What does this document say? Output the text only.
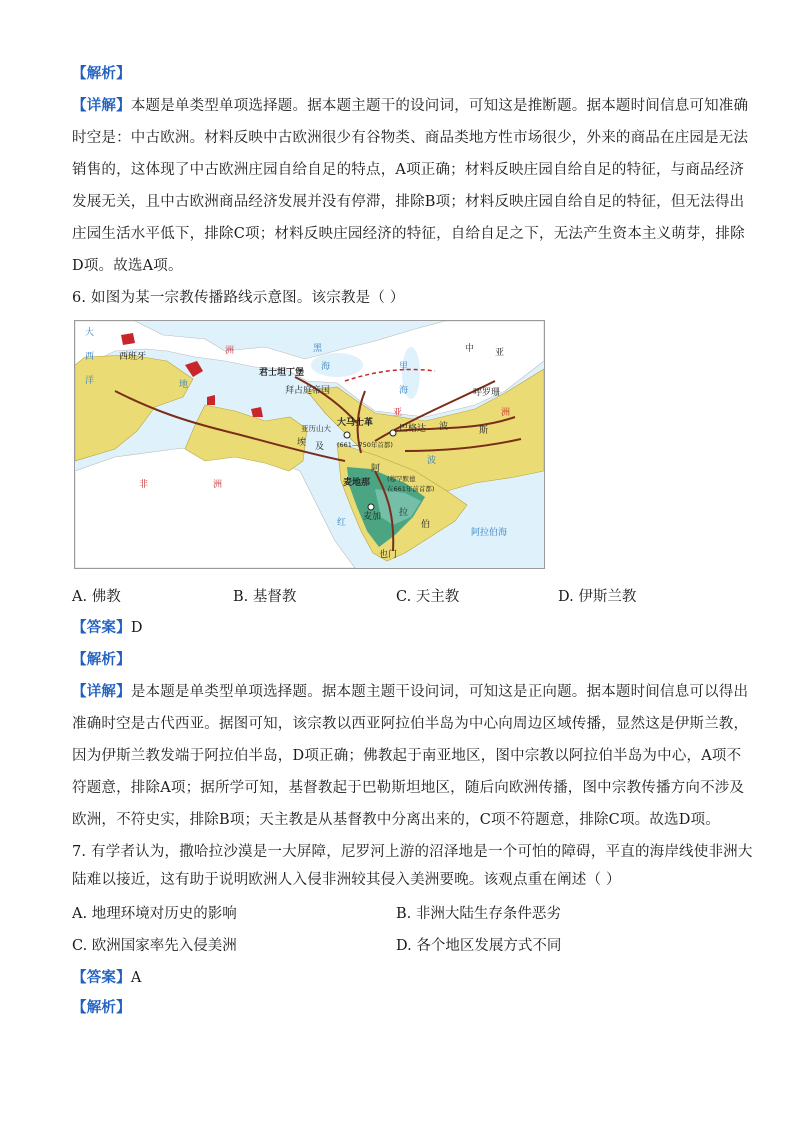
【解析】
【详解】本题是单类型单项选择题。据本题主题干的设问词，可知这是推断题。据本题时间信息可知准确
时空是：中古欧洲。材料反映中古欧洲很少有谷物类、商品类地方性市场很少，外来的商品在庄园是无法
销售的，这体现了中古欧洲庄园自给自足的特点，A项正确；材料反映庄园自给自足的特征，与商品经济
发展无关，且中古欧洲商品经济发展并没有停滞，排除B项；材料反映庄园自给自足的特征，但无法得出
庄园生活水平低下，排除C项；材料反映庄园经济的特征，自给自足之下，无法产生资本主义萌芽，排除
D项。故选A项。
6. 如图为某一宗教传播路线示意图。该宗教是（ ）
大
西
洋
欧
洲
西班牙
地
黑
海
君士坦丁堡
拜占庭帝国
里
海
中 亚
呼罗珊
波	斯
亚	洲
巴格达
大马士革
(661—750年首都)
亚历山大
埃 及
非	洲
阿
拉
伯
麦地那	(穆罕默德
在661年前首都)
麦加
阿拉伯海
红
也门
波
A. 佛教	B. 基督教	C. 天主教	D. 伊斯兰教
【答案】D
【解析】
【详解】是本题是单类型单项选择题。据本题主题干设问词，可知这是正向题。据本题时间信息可以得出
准确时空是古代西亚。据图可知，该宗教以西亚阿拉伯半岛为中心向周边区域传播，显然这是伊斯兰教，
因为伊斯兰教发端于阿拉伯半岛，D项正确；佛教起于南亚地区，图中宗教以阿拉伯半岛为中心，A项不
符题意，排除A项；据所学可知，基督教起于巴勒斯坦地区，随后向欧洲传播，图中宗教传播方向不涉及
欧洲，不符史实，排除B项；天主教是从基督教中分离出来的，C项不符题意，排除C项。故选D项。
7. 有学者认为，撒哈拉沙漠是一大屏障，尼罗河上游的沼泽地是一个可怕的障碍，平直的海岸线使非洲大
陆难以接近，这有助于说明欧洲人入侵非洲较其侵入美洲要晚。该观点重在阐述（ ）
A. 地理环境对历史的影响	B. 非洲大陆生存条件恶劣
C. 欧洲国家率先入侵美洲	D. 各个地区发展方式不同
【答案】A
【解析】
